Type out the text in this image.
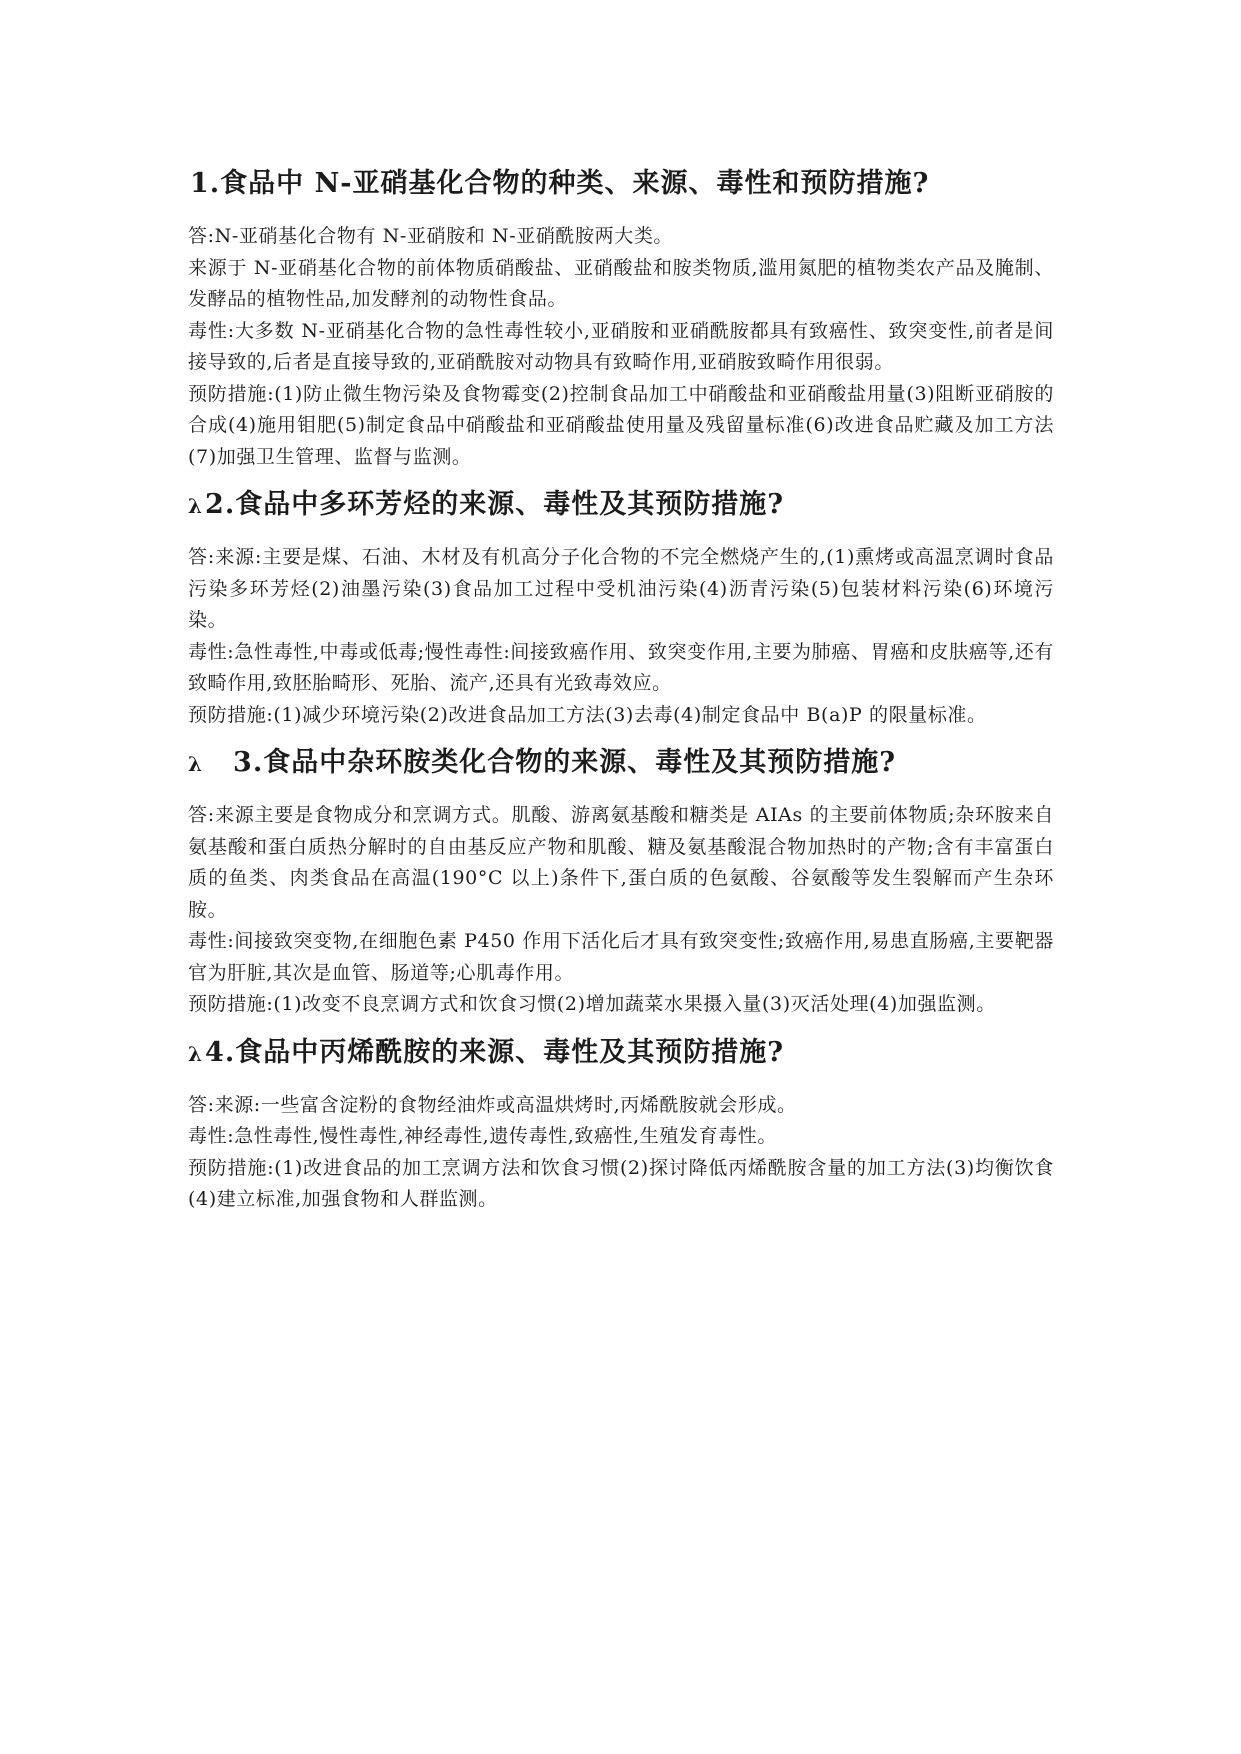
1.食品中 N-亚硝基化合物的种类、来源、毒性和预防措施?

答:N-亚硝基化合物有 N-亚硝胺和 N-亚硝酰胺两大类。

来源于 N-亚硝基化合物的前体物质硝酸盐、亚硝酸盐和胺类物质,滥用氮肥的植物类农产品及腌制、发酵品的植物性品,加发酵剂的动物性食品。

毒性:大多数 N-亚硝基化合物的急性毒性较小,亚硝胺和亚硝酰胺都具有致癌性、致突变性,前者是间接导致的,后者是直接导致的,亚硝酰胺对动物具有致畸作用,亚硝胺致畸作用很弱。

预防措施:(1)防止微生物污染及食物霉变(2)控制食品加工中硝酸盐和亚硝酸盐用量(3)阻断亚硝胺的合成(4)施用钼肥(5)制定食品中硝酸盐和亚硝酸盐使用量及残留量标准(6)改进食品贮藏及加工方法(7)加强卫生管理、监督与监测。

λ2.食品中多环芳烃的来源、毒性及其预防措施?

答:来源:主要是煤、石油、木材及有机高分子化合物的不完全燃烧产生的,(1)熏烤或高温烹调时食品污染多环芳烃(2)油墨污染(3)食品加工过程中受机油污染(4)沥青污染(5)包装材料污染(6)环境污染。

毒性:急性毒性,中毒或低毒;慢性毒性:间接致癌作用、致突变作用,主要为肺癌、胃癌和皮肤癌等,还有致畸作用,致胚胎畸形、死胎、流产,还具有光致毒效应。

预防措施:(1)减少环境污染(2)改进食品加工方法(3)去毒(4)制定食品中 B(a)P 的限量标准。

λ 3.食品中杂环胺类化合物的来源、毒性及其预防措施?

答:来源主要是食物成分和烹调方式。肌酸、游离氨基酸和糖类是 AIAs 的主要前体物质;杂环胺来自氨基酸和蛋白质热分解时的自由基反应产物和肌酸、糖及氨基酸混合物加热时的产物;含有丰富蛋白质的鱼类、肉类食品在高温(190°C 以上)条件下,蛋白质的色氨酸、谷氨酸等发生裂解而产生杂环胺。

毒性:间接致突变物,在细胞色素 P450 作用下活化后才具有致突变性;致癌作用,易患直肠癌,主要靶器官为肝脏,其次是血管、肠道等;心肌毒作用。

预防措施:(1)改变不良烹调方式和饮食习惯(2)增加蔬菜水果摄入量(3)灭活处理(4)加强监测。

λ4.食品中丙烯酰胺的来源、毒性及其预防措施?

答:来源:一些富含淀粉的食物经油炸或高温烘烤时,丙烯酰胺就会形成。

毒性:急性毒性,慢性毒性,神经毒性,遗传毒性,致癌性,生殖发育毒性。

预防措施:(1)改进食品的加工烹调方法和饮食习惯(2)探讨降低丙烯酰胺含量的加工方法(3)均衡饮食(4)建立标准,加强食物和人群监测。
